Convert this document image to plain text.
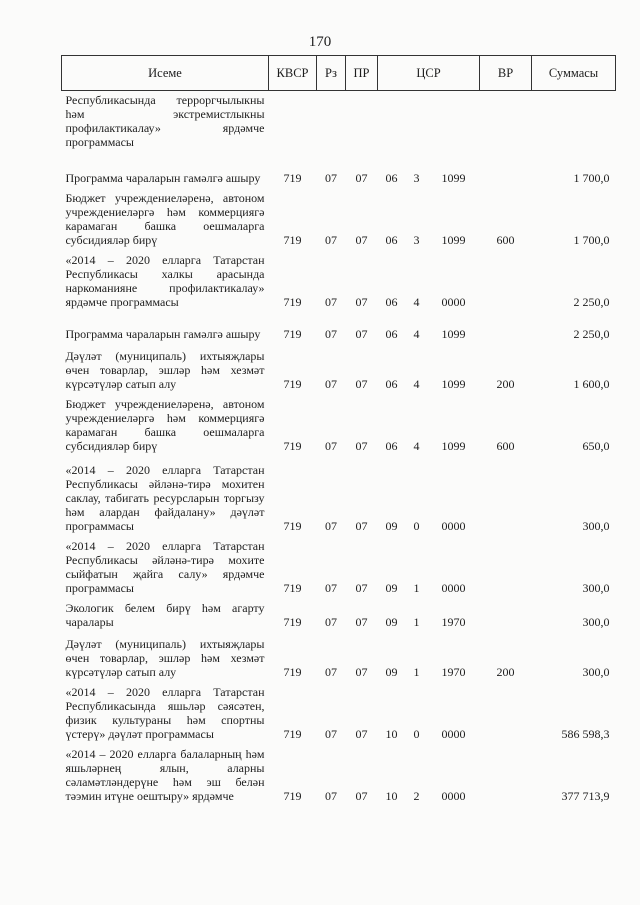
170
Исеме	КВСР	Рз	ПР	ЦСР			ВР	Суммасы
Республикасында терроргчылыкны һәм экстремистлыкны профилактикалау» ярдәмче программасы								
Программа чараларын гамәлгә ашыру	719	07	07	06	3	1099		1 700,0
Бюджет учреждениеләренә, автоном учреждениеләргә һәм коммерциягә карамаган башка оешмаларга субсидияләр бирү	719	07	07	06	3	1099	600	1 700,0
«2014 – 2020 елларга Татарстан Республикасы халкы арасында наркоманияне профилактикалау» ярдәмче программасы	719	07	07	06	4	0000		2 250,0
Программа чараларын гамәлгә ашыру	719	07	07	06	4	1099		2 250,0
Дәүләт (муниципаль) ихтыяҗлары өчен товарлар, эшләр һәм хезмәт күрсәтүләр сатып алу	719	07	07	06	4	1099	200	1 600,0
Бюджет учреждениеләренә, автоном учреждениеләргә һәм коммерциягә карамаган башка оешмаларга субсидияләр бирү	719	07	07	06	4	1099	600	650,0
«2014 – 2020 елларга Татарстан Республикасы әйләнә-тирә мохитен саклау, табигать ресурсларын торгызу һәм алардан файдалану» дәүләт программасы	719	07	07	09	0	0000		300,0
«2014 – 2020 елларга Татарстан Республикасы әйләнә-тирә мохите сыйфатын җайга салу» ярдәмче программасы	719	07	07	09	1	0000		300,0
Экологик белем бирү һәм агарту чаралары	719	07	07	09	1	1970		300,0
Дәүләт (муниципаль) ихтыяҗлары өчен товарлар, эшләр һәм хезмәт күрсәтүләр сатып алу	719	07	07	09	1	1970	200	300,0
«2014 – 2020 елларга Татарстан Республикасында яшьләр сәясәтен, физик культураны һәм спортны үстерү» дәүләт программасы	719	07	07	10	0	0000		586 598,3
«2014 – 2020 елларга балаларның һәм яшьләрнең ялын, аларны сәламәтләндерүне һәм эш белән тәэмин итүне оештыру» ярдәмче	719	07	07	10	2	0000		377 713,9
